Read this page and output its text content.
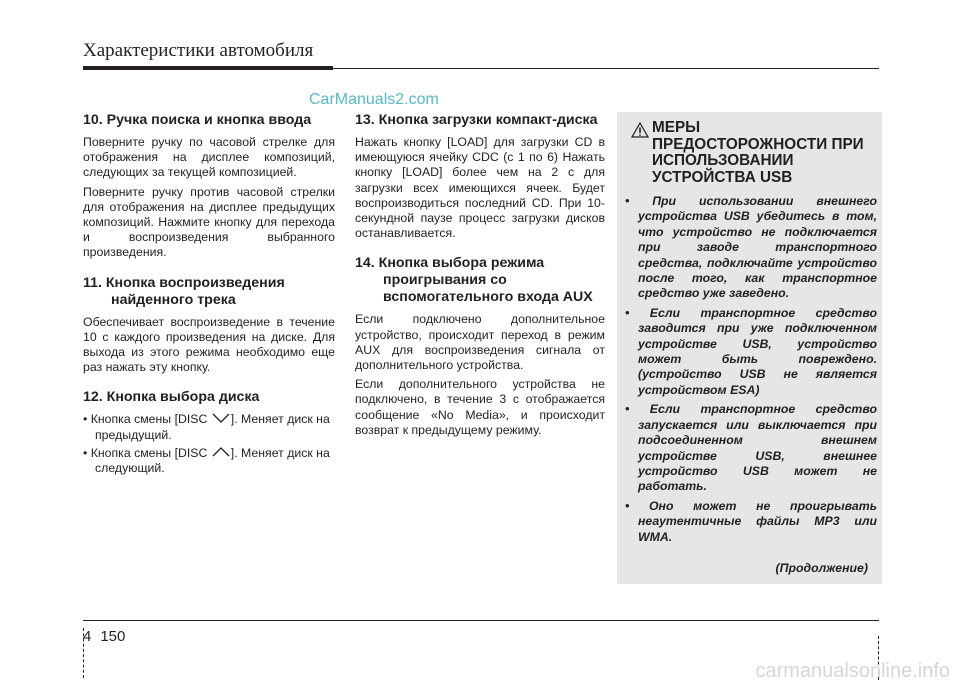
Характеристики автомобиля
CarManuals2.com
10. Ручка поиска и кнопка ввода

Поверните ручку по часовой стрелке для отображения на дисплее композиций, следующих за текущей композицией.

Поверните ручку против часовой стрелки для отображения на дисплее предыдущих композиций. Нажмите кнопку для перехода и воспроизведения выбранного произведения.

11. Кнопка воспроизведения найденного трека

Обеспечивает воспроизведение в течение 10 с каждого произведения на диске. Для выхода из этого режима необходимо еще раз нажать эту кнопку.

12. Кнопка выбора диска
• Кнопка смены [DISC ]. Меняет диск на предыдущий.
• Кнопка смены [DISC ]. Меняет диск на следующий.
13. Кнопка загрузки компакт-диска

Нажать кнопку [LOAD] для загрузки CD в имеющуюся ячейку CDC (с 1 по 6) Нажать кнопку [LOAD] более чем на 2 с для загрузки всех имеющихся ячеек. Будет воспроизводиться последний CD. При 10-секундной паузе процесс загрузки дисков останавливается.

14. Кнопка выбора режима проигрывания со вспомогательного входа AUX

Если подключено дополнительное устройство, происходит переход в режим AUX для воспроизведения сигнала от дополнительного устройства.

Если дополнительного устройства не подключено, в течение 3 с отображается сообщение «No Media», и происходит возврат к предыдущему режиму.

МЕРЫ ПРЕДОСТОРОЖНОСТИ ПРИ ИСПОЛЬЗОВАНИИ УСТРОЙСТВА USB
• При использовании внешнего устройства USB убедитесь в том, что устройство не подключается при заводе транспортного средства, подключайте устройство после того, как транспортное средство уже заведено.
• Если транспортное средство заводится при уже подключенном устройстве USB, устройство может быть повреждено. (устройство USB не является устройством ESA)
• Если транспортное средство запускается или выключается при подсоединенном внешнем устройстве USB, внешнее устройство USB может не работать.
• Оно может не проигрывать неаутентичные файлы MP3 или WMA.
(Продолжение)
4 150
carmanualsonline.info
